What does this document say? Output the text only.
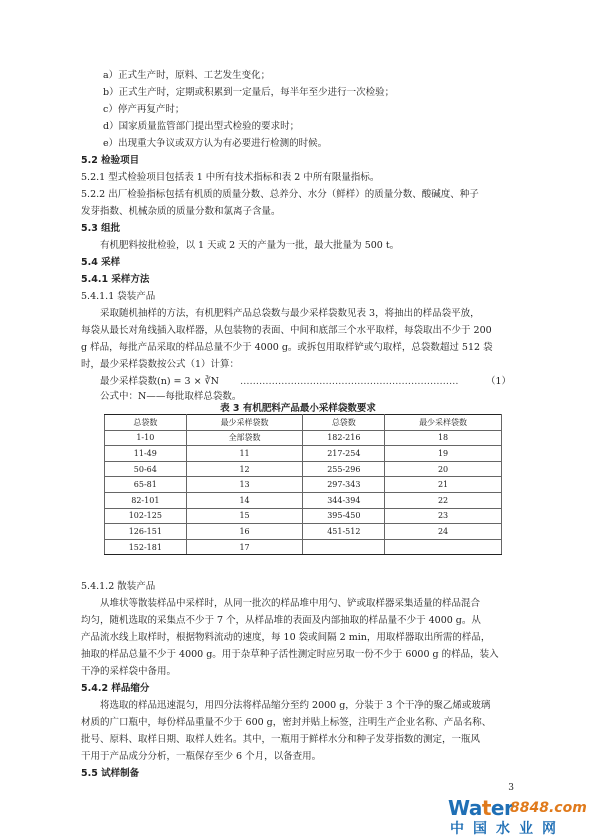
a）正式生产时，原料、工艺发生变化；
b）正式生产时，定期或积累到一定量后，每半年至少进行一次检验；
c）停产再复产时；
d）国家质量监管部门提出型式检验的要求时；
e）出现重大争议或双方认为有必要进行检测的时候。
5.2 检验项目
5.2.1 型式检验项目包括表 1 中所有技术指标和表 2 中所有限量指标。
5.2.2 出厂检验指标包括有机质的质量分数、总养分、水分（鲜样）的质量分数、酸碱度、种子
发芽指数、机械杂质的质量分数和氯离子含量。
5.3 组批
有机肥料按批检验，以 1 天或 2 天的产量为一批，最大批量为 500 t。
5.4 采样
5.4.1 采样方法
5.4.1.1 袋装产品
采取随机抽样的方法，有机肥料产品总袋数与最少采样袋数见表 3，将抽出的样品袋平放，
每袋从最长对角线插入取样器，从包装物的表面、中间和底部三个水平取样，每袋取出不少于 200
g 样品，每批产品采取的样品总量不少于 4000 g。或拆包用取样铲或勺取样，总袋数超过 512 袋
时，最少采样袋数按公式（1）计算：
最少采样袋数(n) = 3 × ∛N ……………………………………………………………	（1）
公式中：N——每批取样总袋数。
表 3 有机肥料产品最小采样袋数要求
总袋数	最少采样袋数	总袋数	最少采样袋数
1-10	全部袋数	182-216	18
11-49	11	217-254	19
50-64	12	255-296	20
65-81	13	297-343	21
82-101	14	344-394	22
102-125	15	395-450	23
126-151	16	451-512	24
152-181	17		
5.4.1.2 散装产品
从堆状等散装样品中采样时，从同一批次的样品堆中用勺、铲或取样器采集适量的样品混合
均匀，随机选取的采集点不少于 7 个，从样品堆的表面及内部抽取的样品量不少于 4000 g。从
产品流水线上取样时，根据物料流动的速度，每 10 袋或间隔 2 min，用取样器取出所需的样品，
抽取的样品总量不少于 4000 g。用于杂草种子活性测定时应另取一份不少于 6000 g 的样品，装入
干净的采样袋中备用。
5.4.2 样品缩分
将选取的样品迅速混匀，用四分法将样品缩分至约 2000 g，分装于 3 个干净的聚乙烯或玻璃
材质的广口瓶中，每份样品重量不少于 600 g，密封并贴上标签，注明生产企业名称、产品名称、
批号、原料、取样日期、取样人姓名。其中，一瓶用于鲜样水分和种子发芽指数的测定，一瓶风
干用于产品成分分析，一瓶保存至少 6 个月，以备查用。
5.5 试样制备
3
Water
8848.com
中国水业网
